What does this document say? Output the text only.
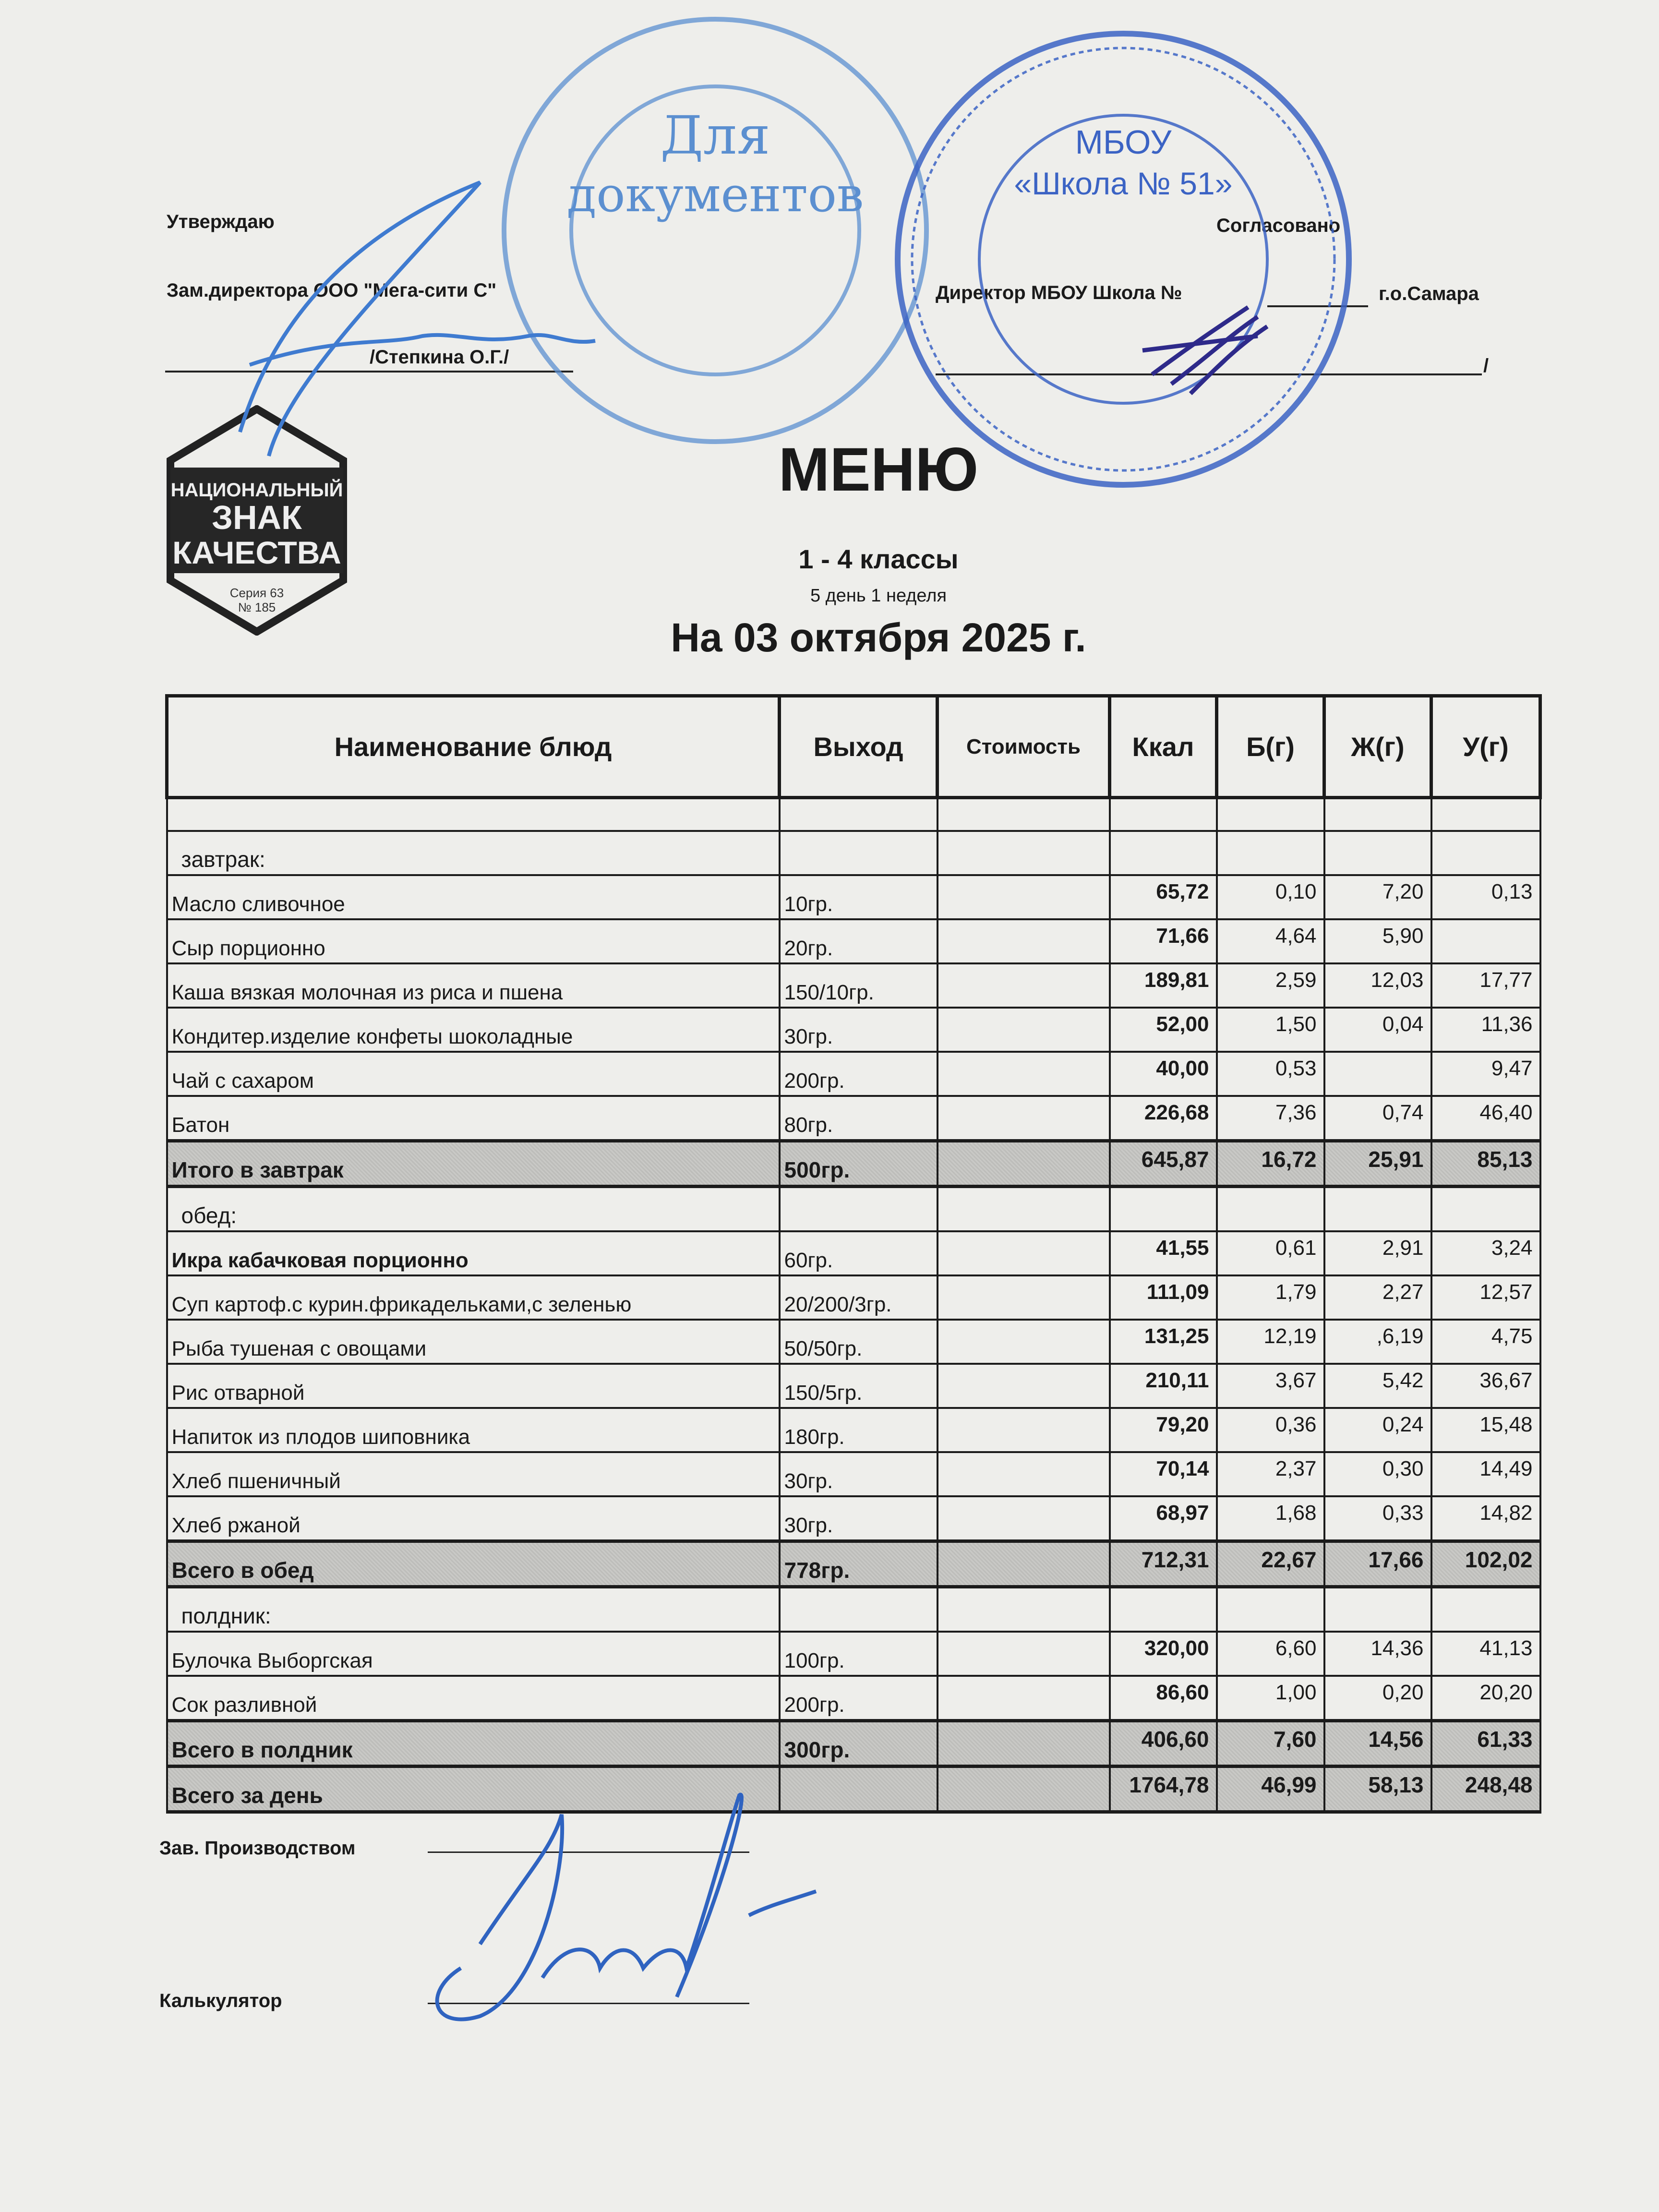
Утверждаю
Зам.директора ООО "Мега-сити С"
/Степкина О.Г./
Согласовано
Директор МБОУ Школа №	г.о.Самара
/
НАЦИОНАЛЬНЫЙ
ЗНАК
КАЧЕСТВА
Серия 63
№ 185
МЕНЮ
1 - 4 классы
5 день 1 неделя
На 03 октября 2025 г.
Наименование блюд	Выход	Стоимость	Ккал	Б(г)	Ж(г)	У(г)

завтрак:						
Масло сливочное	10гр.		65,72	0,10	7,20	0,13
Сыр порционно	20гр.		71,66	4,64	5,90	
Каша вязкая молочная из риса и пшена	150/10гр.		189,81	2,59	12,03	17,77
Кондитер.изделие конфеты шоколадные	30гр.		52,00	1,50	0,04	11,36
Чай с сахаром	200гр.		40,00	0,53		9,47
Батон	80гр.		226,68	7,36	0,74	46,40
Итого в завтрак	500гр.		645,87	16,72	25,91	85,13
обед:						
Икра кабачковая порционно	60гр.		41,55	0,61	2,91	3,24
Суп картоф.с курин.фрикадельками,с зеленью	20/200/3гр.		111,09	1,79	2,27	12,57
Рыба тушеная с овощами	50/50гр.		131,25	12,19	,6,19	4,75
Рис отварной	150/5гр.		210,11	3,67	5,42	36,67
Напиток из плодов шиповника	180гр.		79,20	0,36	0,24	15,48
Хлеб пшеничный	30гр.		70,14	2,37	0,30	14,49
Хлеб ржаной	30гр.		68,97	1,68	0,33	14,82
Всего в обед	778гр.		712,31	22,67	17,66	102,02
полдник:						
Булочка Выборгская	100гр.		320,00	6,60	14,36	41,13
Сок разливной	200гр.		86,60	1,00	0,20	20,20
Всего в полдник	300гр.		406,60	7,60	14,56	61,33
Всего за день			1764,78	46,99	58,13	248,48
Зав. Производством
Калькулятор
Для
документов
МБОУ
«Школа № 51»
